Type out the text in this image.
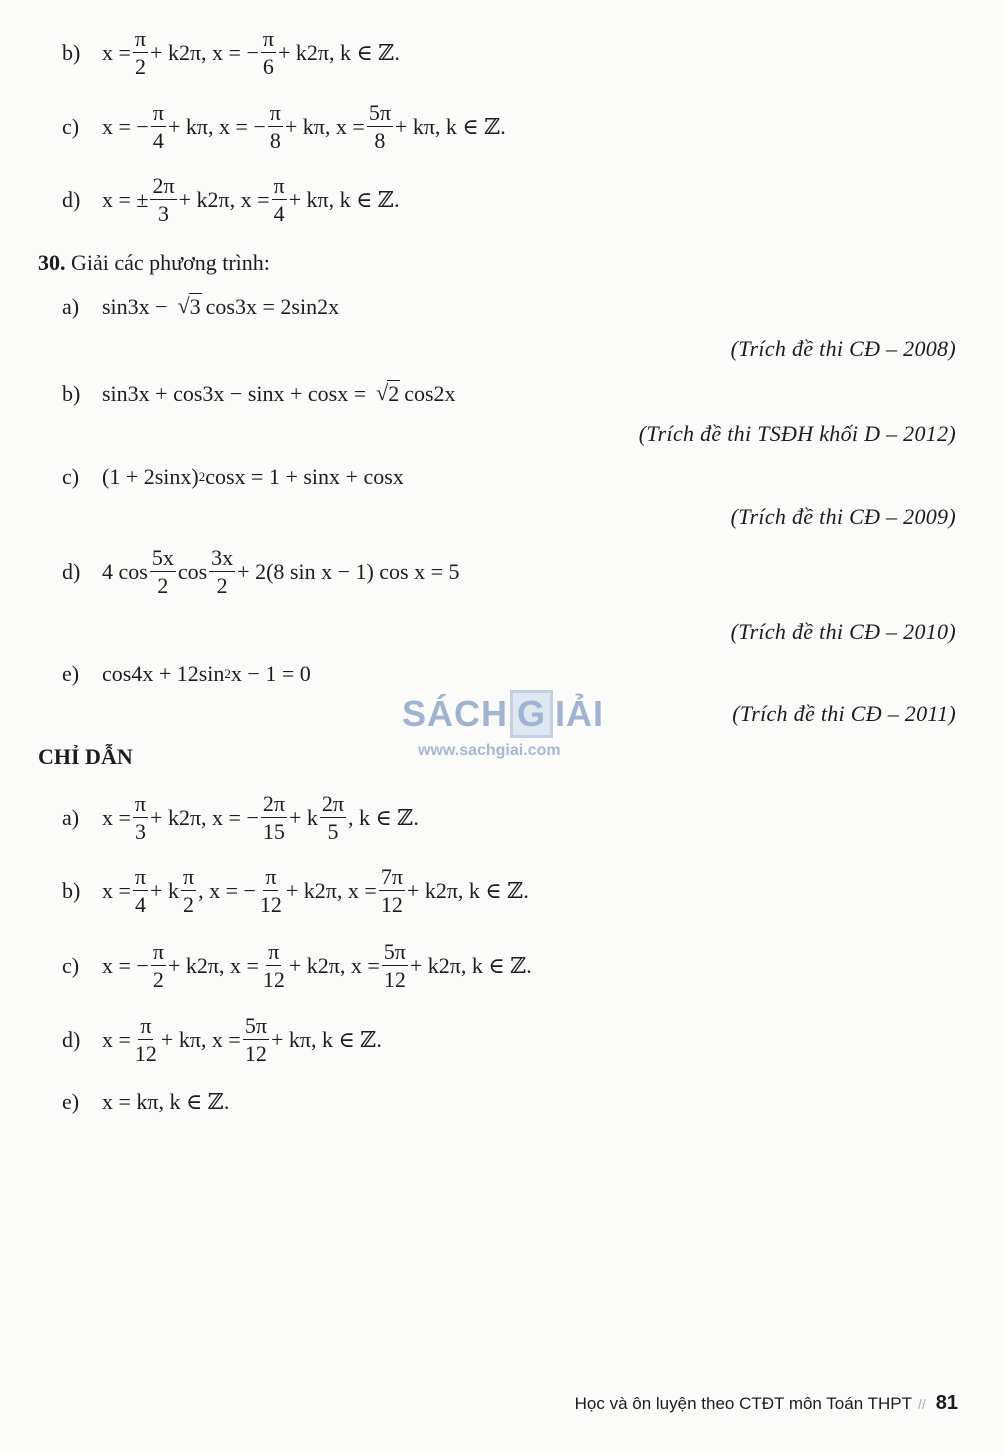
b) $x = \frac{\pi}{2} + k2\pi$, x = − $\frac{\pi}{6} + k2\pi$, k ∈ ℤ.
c)	x = − $\frac{\pi}{4} + k\pi$, x = − $\frac{\pi}{8} + k\pi$, $x = \frac{5\pi}{8} + k\pi$, k ∈ ℤ.
d) x = ± $\frac{2\pi}{3} + k2\pi$, $x = \frac{\pi}{4} + k\pi$, k ∈ ℤ.
30. Giải các phương trình:
a)	sin3x − √ 3 cos3x = 2sin2x
(Trích đề thi CĐ – 2008)
b) sin3x + cos3x − sinx + cosx = √ 2 cos2x
(Trích đề thi TSĐH khối D – 2012)
c)	(1 + 2sinx) 2 cosx = 1 + sinx + cosx
(Trích đề thi CĐ – 2009)
d) 4 $\cos \frac{5x}{2}$ $\cos \frac{3x}{2} + 2(8$ sin x − 1) cos x = 5
(Trích đề thi CĐ – 2010)
e)	cos4x + 12sin 2 x − 1 = 0
(Trích đề thi CĐ – 2011)
SÁCH G IẢI
www.sachgiai.com
CHỈ DẪN
a)	$x = \frac{\pi}{3} + k2\pi$, x = − $\frac{2\pi}{15} + k \frac{2\pi}{5}$ , k ∈ ℤ.
b) $x = \frac{\pi}{4} + k \frac{\pi}{2}$ , x = − $\frac{\pi}{12} + k2\pi$, $x = \frac{7\pi}{12} + k2\pi$, k ∈ ℤ.
c)	x = − $\frac{\pi}{2} + k2\pi$, $x = \frac{\pi}{12} + k2\pi$, $x = \frac{5\pi}{12} + k2\pi$, k ∈ ℤ.
d) $x = \frac{\pi}{12} + k\pi$, $x = \frac{5\pi}{12} + k\pi$, k ∈ ℤ.
e)	x = kπ, k ∈ ℤ.
Học và ôn luyện theo CTĐT môn Toán THPT // 81
